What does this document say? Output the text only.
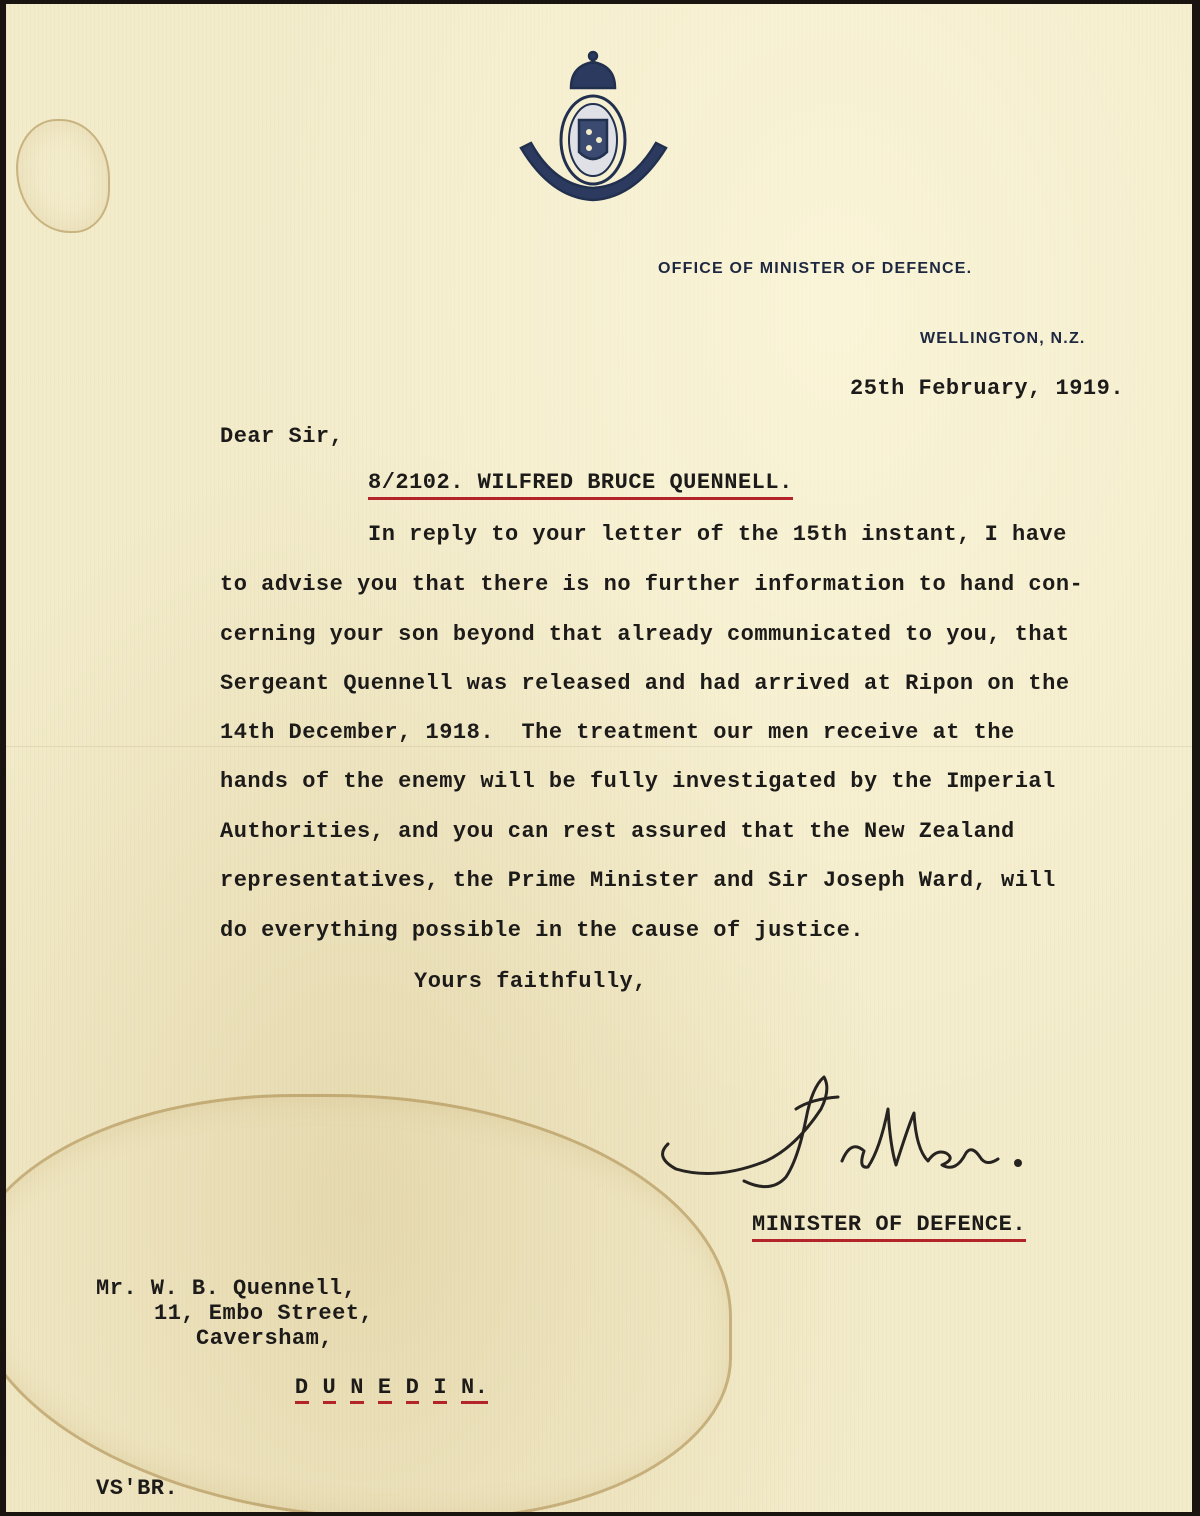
OFFICE OF MINISTER OF DEFENCE.
WELLINGTON, N.Z.
25th February, 1919.
Dear Sir,
8/2102. WILFRED BRUCE QUENNELL.
In reply to your letter of the 15th instant, I have
to advise you that there is no further information to hand con-
cerning your son beyond that already communicated to you, that
Sergeant Quennell was released and had arrived at Ripon on the
14th December, 1918.  The treatment our men receive at the
hands of the enemy will be fully investigated by the Imperial
Authorities, and you can rest assured that the New Zealand
representatives, the Prime Minister and Sir Joseph Ward, will
do everything possible in the cause of justice.
Yours faithfully,
MINISTER OF DEFENCE.
Mr. W. B. Quennell,
11, Embo Street,
Caversham,

D U N E D I N.

VS'BR.
